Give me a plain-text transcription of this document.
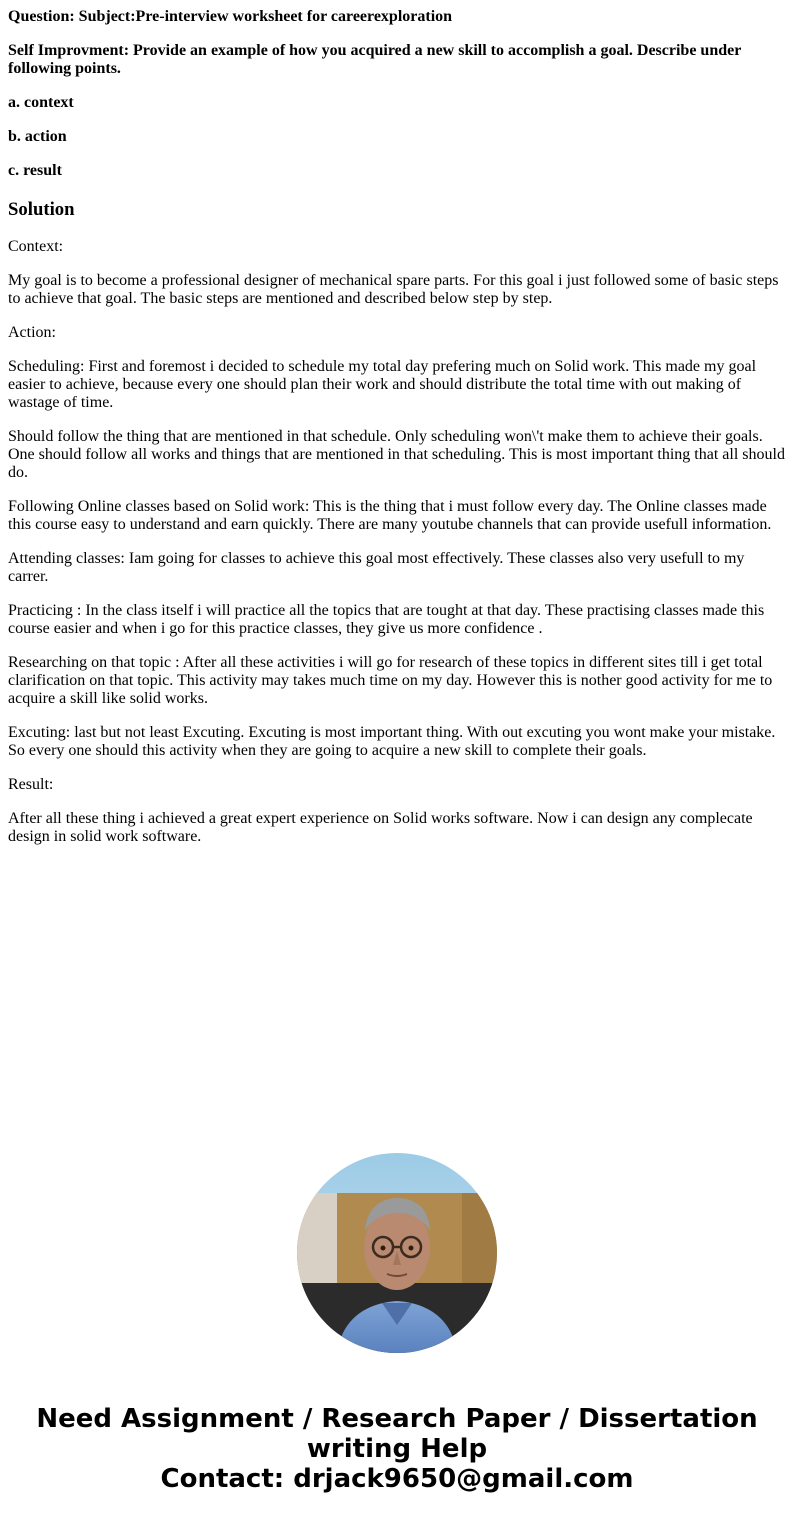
Question: Subject:Pre-interview worksheet for careerexploration

Self Improvment: Provide an example of how you acquired a new skill to accomplish a goal. Describe under following points.

a. context

b. action

c. result

Solution

Context:

My goal is to become a professional designer of mechanical spare parts. For this goal i just followed some of basic steps to achieve that goal. The basic steps are mentioned and described below step by step.

Action:

Scheduling: First and foremost i decided to schedule my total day prefering much on Solid work. This made my goal easier to achieve, because every one should plan their work and should distribute the total time with out making of wastage of time.

Should follow the thing that are mentioned in that schedule. Only scheduling won\'t make them to achieve their goals. One should follow all works and things that are mentioned in that scheduling. This is most important thing that all should do.

Following Online classes based on Solid work: This is the thing that i must follow every day. The Online classes made this course easy to understand and earn quickly. There are many youtube channels that can provide usefull information.

Attending classes: Iam going for classes to achieve this goal most effectively. These classes also very usefull to my carrer.

Practicing : In the class itself i will practice all the topics that are tought at that day. These practising classes made this course easier and when i go for this practice classes, they give us more confidence .

Researching on that topic : After all these activities i will go for research of these topics in different sites till i get total clarification on that topic. This activity may takes much time on my day. However this is nother good activity for me to acquire a skill like solid works.

Excuting: last but not least Excuting. Excuting is most important thing. With out excuting you wont make your mistake. So every one should this activity when they are going to acquire a new skill to complete their goals.

Result:

After all these thing i achieved a great expert experience on Solid works software. Now i can design any complecate design in solid work software.

Need Assignment / Research Paper / Dissertation
writing Help
Contact: drjack9650@gmail.com
